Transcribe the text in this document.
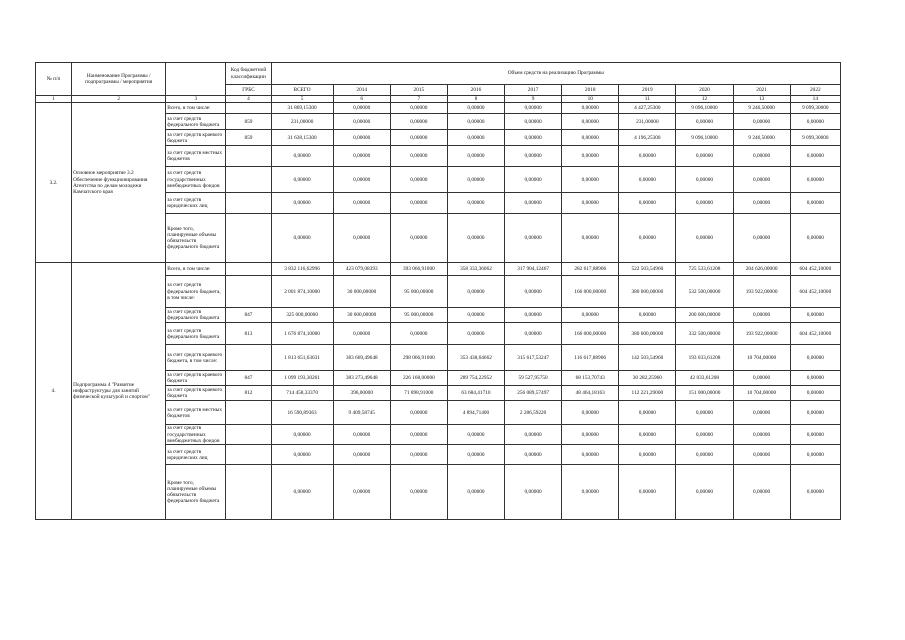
№ п/п	Наименование Программы / подпрограммы / мероприятия		Код бюджетной классификации	Объем средств на реализацию Программы									
			ГРБС	ВСЕГО	2014	2015	2016	2017	2018	2019	2020	2021	2022
1	2	3	4	5	6	7	8	9	10	11	12	13	14
3.2.	Основное мероприятие 3.2 Обеспечение функционирования Агентства по делам молодежи Камчатского края	Всего, в том числе:		31 869,15300	0,00000	0,00000	0,00000	0,00000	0,00000	4 427,25300	9 096,10000	9 246,50000	9 099,30000
		за счет средств федерального бюджета	859	231,00000	0,00000	0,00000	0,00000	0,00000	0,00000	231,00000	0,00000	0,00000	0,00000
		за счет средств краевого бюджета	859	31 638,15300	0,00000	0,00000	0,00000	0,00000	0,00000	4 196,25300	9 096,10000	9 246,50000	9 099,30000
		за счет средств местных бюджетов		0,00000	0,00000	0,00000	0,00000	0,00000	0,00000	0,00000	0,00000	0,00000	0,00000
		за счет средств государственных внебюджетных фондов		0,00000	0,00000	0,00000	0,00000	0,00000	0,00000	0,00000	0,00000	0,00000	0,00000
		за счет средств юридических лиц		0,00000	0,00000	0,00000	0,00000	0,00000	0,00000	0,00000	0,00000	0,00000	0,00000
		Кроме того, планируемые объемы обязательств федерального бюджета		0,00000	0,00000	0,00000	0,00000	0,00000	0,00000	0,00000	0,00000	0,00000	0,00000
4.	Подпрограмма 4 "Развитие инфраструктуры для занятий физической культурой и спортом"	Всего, в том числе:		3 832 116,62996	423 079,08393	393 066,91000	358 333,36062	317 904,12467	282 617,88906	522 503,54960	725 533,61208	204 626,00000	604 452,10000
		за счет средств федерального бюджета, в том числе:		2 001 874,10000	30 000,00000	95 000,00000	0,00000	0,00000	166 000,00000	380 000,00000	532 500,00000	193 922,00000	604 452,10000
		за счет средств федерального бюджета	847	325 000,00000	30 000,00000	95 000,00000	0,00000	0,00000	0,00000	0,00000	200 000,00000	0,00000	0,00000
		за счет средств федерального бюджета	813	1 676 874,10000	0,00000	0,00000	0,00000	0,00000	166 000,00000	380 000,00000	332 500,00000	193 922,00000	604 452,10000
		за счет средств краевого бюджета, в том числе:		1 813 651,63631	383 669,49648	298 066,91000	353 438,64662	315 617,53247	116 617,88906	142 503,54960	193 033,61208	10 704,00000	0,00000
		за счет средств краевого бюджета	847	1 099 193,30261	383 273,49648	226 168,00000	289 754,22952	59 527,95750	68 153,70743	30 282,25960	42 033,61208	0,00000	0,00000
		за счет средств краевого бюджета	812	714 458,33370	396,00000	71 898,91000	63 684,41710	256 089,57497	48 464,18163	112 221,29000	151 000,00000	10 704,00000	0,00000
		за счет средств местных бюджетов		16 590,89363	9 409,58745	0,00000	4 894,71400	2 286,59220	0,00000	0,00000	0,00000	0,00000	0,00000
		за счет средств государственных внебюджетных фондов		0,00000	0,00000	0,00000	0,00000	0,00000	0,00000	0,00000	0,00000	0,00000	0,00000
		за счет средств юридических лиц		0,00000	0,00000	0,00000	0,00000	0,00000	0,00000	0,00000	0,00000	0,00000	0,00000
		Кроме того, планируемые объемы обязательств федерального бюджета		0,00000	0,00000	0,00000	0,00000	0,00000	0,00000	0,00000	0,00000	0,00000	0,00000
